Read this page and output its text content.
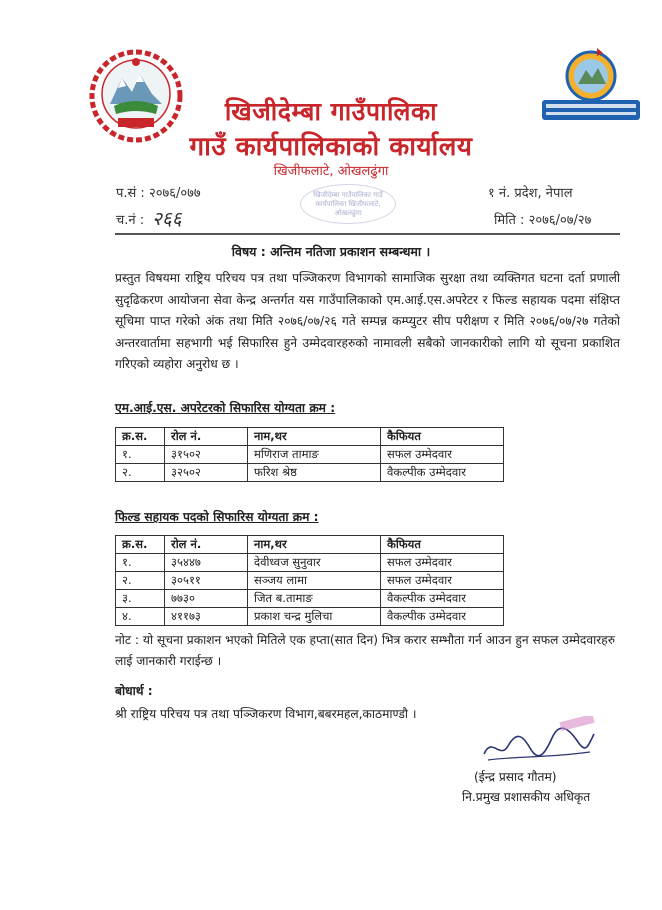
खिजीदेम्बा गाउँपालिका
गाउँ कार्यपालिकाको कार्यालय
खिजीफलाटे, ओखलढुंगा
प.सं : २०७६/०७७	१ नं. प्रदेश, नेपाल
च.नं : २६६	मिति : २०७६/०७/२७
खिजीदेम्बा गाउँपालिका गाउँ कार्यपालिका खिजीफलाटे, ओखलढुंगा
विषय : अन्तिम नतिजा प्रकाशन सम्बन्धमा ।
प्रस्तुत विषयमा राष्ट्रिय परिचय पत्र तथा पञ्जिकरण विभागको सामाजिक सुरक्षा तथा व्यक्तिगत घटना दर्ता प्रणाली सुदृढिकरण आयोजना सेवा केन्द्र अन्तर्गत यस गाउँपालिकाको एम.आई.एस.अपरेटर र फिल्ड सहायक पदमा संक्षिप्त सूचिमा पाप्त गरेको अंक तथा मिति २०७६/०७/२६ गते सम्पन्न कम्प्युटर सीप परीक्षण र मिति २०७६/०७/२७ गतेको अन्तरवार्तामा सहभागी भई सिफारिस हुने उम्मेदवारहरुको नामावली सबैको जानकारीको लागि यो सूचना प्रकाशित गरिएको व्यहोरा अनुरोध छ ।
एम.आई.एस. अपरेटरको सिफारिस योग्यता क्रम :
क्र.स.	रोल नं.	नाम,थर	कैफियत
१.	३१५०२	मणिराज तामाङ	सफल उम्मेदवार
२.	३२५०२	फरिश श्रेष्ठ	वैकल्पीक उम्मेदवार
फिल्ड सहायक पदको सिफारिस योग्यता क्रम :
क्र.स.	रोल नं.	नाम,थर	कैफियत
१.	३५४४७	देवीध्वज सुनुवार	सफल उम्मेदवार
२.	३०५११	सञ्जय लामा	सफल उम्मेदवार
३.	७७३०	जित ब.तामाङ	वैकल्पीक उम्मेदवार
४.	४११७३	प्रकाश चन्द्र मुलिचा	वैकल्पीक उम्मेदवार
नोट : यो सूचना प्रकाशन भएको मितिले एक हप्ता(सात दिन) भित्र करार सम्भौता गर्न आउन हुन सफल उम्मेदवारहरु लाई जानकारी गराईन्छ ।
बोधार्थ :
श्री राष्ट्रिय परिचय पत्र तथा पञ्जिकरण विभाग,बबरमहल,काठमाण्डौ ।
(ईन्द्र प्रसाद गौतम)
नि.प्रमुख प्रशासकीय अधिकृत
